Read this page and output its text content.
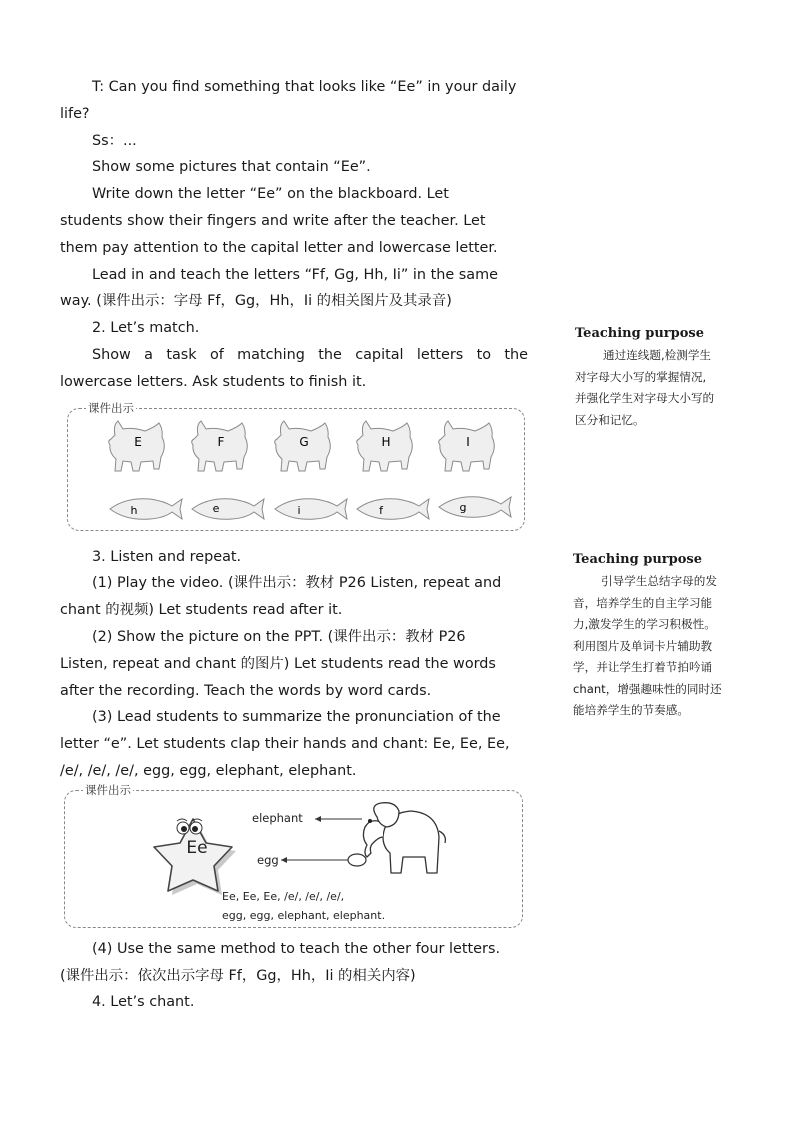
T: Can you find something that looks like “Ee” in your daily
life?
Ss：...
Show some pictures that contain “Ee”.
Write down the letter “Ee” on the blackboard. Let
students show their fingers and write after the teacher. Let
them pay attention to the capital letter and lowercase letter.
Lead in and teach the letters “Ff, Gg, Hh, Ii” in the same
way. (课件出示：字母 Ff，Gg，Hh，Ii 的相关图片及其录音)
2. Let’s match.
Show a task of matching the capital letters to the
lowercase letters. Ask students to finish it.
3. Listen and repeat.
(1) Play the video. (课件出示：教材 P26 Listen, repeat and
chant 的视频) Let students read after it.
(2) Show the picture on the PPT. (课件出示：教材 P26
Listen, repeat and chant 的图片) Let students read the words
after the recording. Teach the words by word cards.
(3) Lead students to summarize the pronunciation of the
letter “e”. Let students clap their hands and chant: Ee, Ee, Ee,
/e/, /e/, /e/, egg, egg, elephant, elephant.
(4) Use the same method to teach the other four letters.
(课件出示：依次出示字母 Ff，Gg，Hh，Ii 的相关内容)
4. Let’s chant.
Teaching purpose
通过连线题,检测学生
对字母大小写的掌握情况,
并强化学生对字母大小写的
区分和记忆。
Teaching purpose
引导学生总结字母的发
音，培养学生的自主学习能
力,激发学生的学习积极性。
利用图片及单词卡片辅助教
学，并让学生打着节拍吟诵
chant，增强趣味性的同时还
能培养学生的节奏感。
课件出示
E	F	G	H	I
h	e	i	f	g
课件出示
Ee
elephant
egg
Ee, Ee, Ee, /e/, /e/, /e/,
egg, egg, elephant, elephant.
